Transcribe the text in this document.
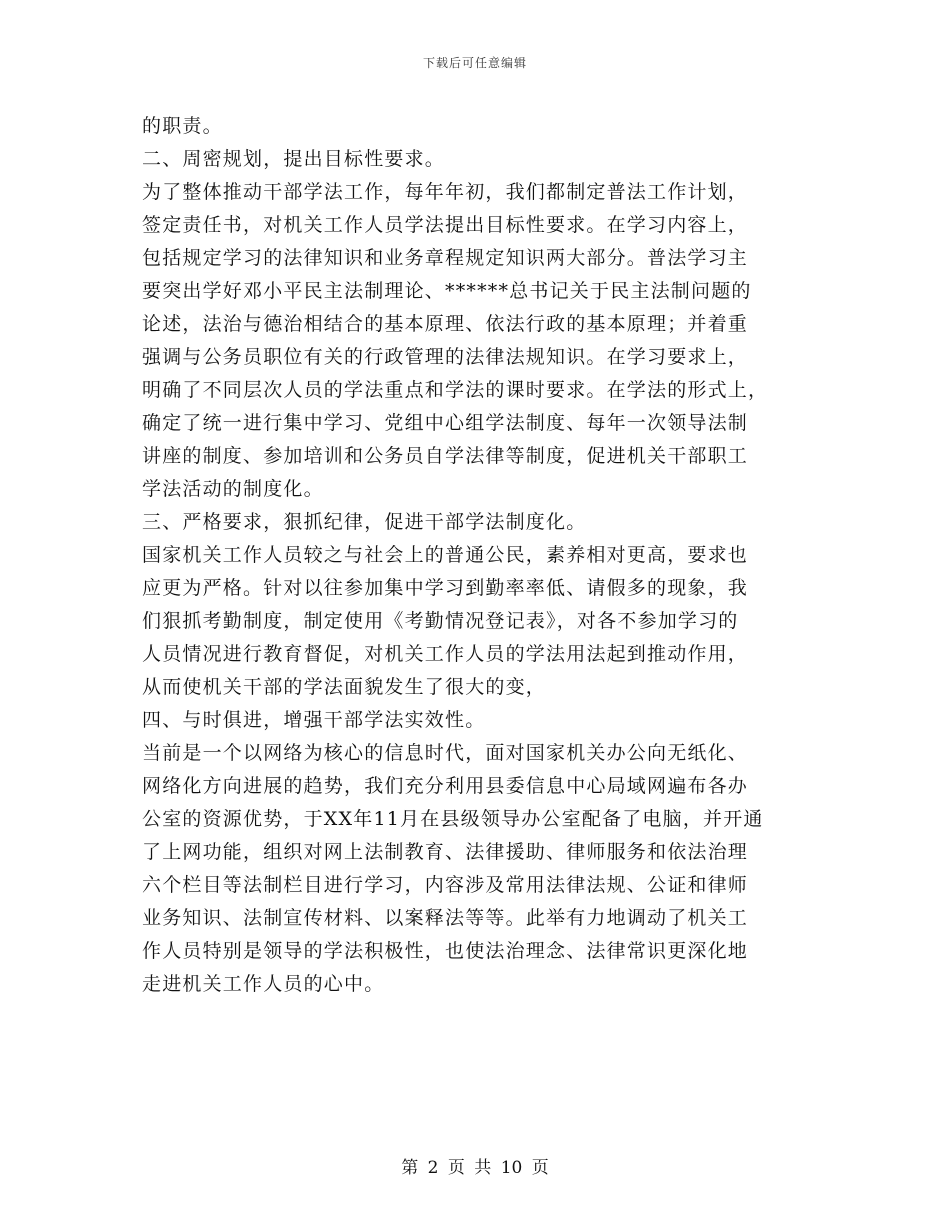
下载后可任意编辑
的职责。
二、周密规划，提出目标性要求。
为了整体推动干部学法工作，每年年初，我们都制定普法工作计划，
签定责任书，对机关工作人员学法提出目标性要求。在学习内容上，
包括规定学习的法律知识和业务章程规定知识两大部分。普法学习主
要突出学好邓小平民主法制理论、******总书记关于民主法制问题的
论述，法治与德治相结合的基本原理、依法行政的基本原理；并着重
强调与公务员职位有关的行政管理的法律法规知识。在学习要求上，
明确了不同层次人员的学法重点和学法的课时要求。在学法的形式上，
确定了统一进行集中学习、党组中心组学法制度、每年一次领导法制
讲座的制度、参加培训和公务员自学法律等制度，促进机关干部职工
学法活动的制度化。
三、严格要求，狠抓纪律，促进干部学法制度化。
国家机关工作人员较之与社会上的普通公民，素养相对更高，要求也
应更为严格。针对以往参加集中学习到勤率率低、请假多的现象，我
们狠抓考勤制度，制定使用《考勤情况登记表》，对各不参加学习的
人员情况进行教育督促，对机关工作人员的学法用法起到推动作用，
从而使机关干部的学法面貌发生了很大的变，
四、与时俱进，增强干部学法实效性。
当前是一个以网络为核心的信息时代，面对国家机关办公向无纸化、
网络化方向进展的趋势，我们充分利用县委信息中心局域网遍布各办
公室的资源优势，于XX年11月在县级领导办公室配备了电脑，并开通
了上网功能，组织对网上法制教育、法律援助、律师服务和依法治理
六个栏目等法制栏目进行学习，内容涉及常用法律法规、公证和律师
业务知识、法制宣传材料、以案释法等等。此举有力地调动了机关工
作人员特别是领导的学法积极性，也使法治理念、法律常识更深化地
走进机关工作人员的心中。
第 2 页 共 10 页
